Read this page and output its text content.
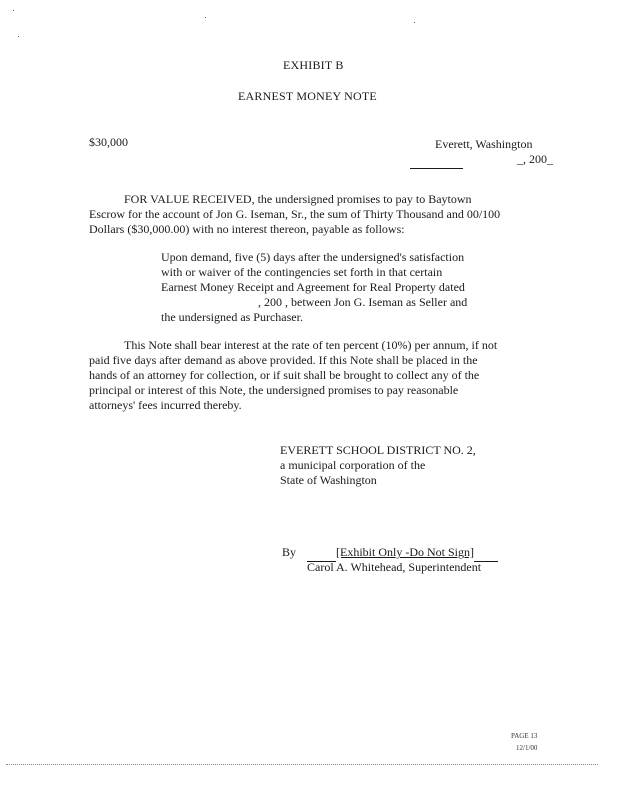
EXHIBIT B
EARNEST MONEY NOTE
$30,000	Everett, Washington
_, 200_
FOR VALUE RECEIVED, the undersigned promises to pay to Baytown
Escrow for the account of Jon G. Iseman, Sr., the sum of Thirty Thousand and 00/100
Dollars ($30,000.00) with no interest thereon, payable as follows:
Upon demand, five (5) days after the undersigned's satisfaction
with or waiver of the contingencies set forth in that certain
Earnest Money Receipt and Agreement for Real Property dated
, 200 , between Jon G. Iseman as Seller and
the undersigned as Purchaser.
This Note shall bear interest at the rate of ten percent (10%) per annum, if not
paid five days after demand as above provided. If this Note shall be placed in the
hands of an attorney for collection, or if suit shall be brought to collect any of the
principal or interest of this Note, the undersigned promises to pay reasonable
attorneys' fees incurred thereby.
EVERETT SCHOOL DISTRICT NO. 2,
a municipal corporation of the
State of Washington
By	[Exhibit Only -Do Not Sign]
Carol A. Whitehead, Superintendent
PAGE 13
12/1/00
